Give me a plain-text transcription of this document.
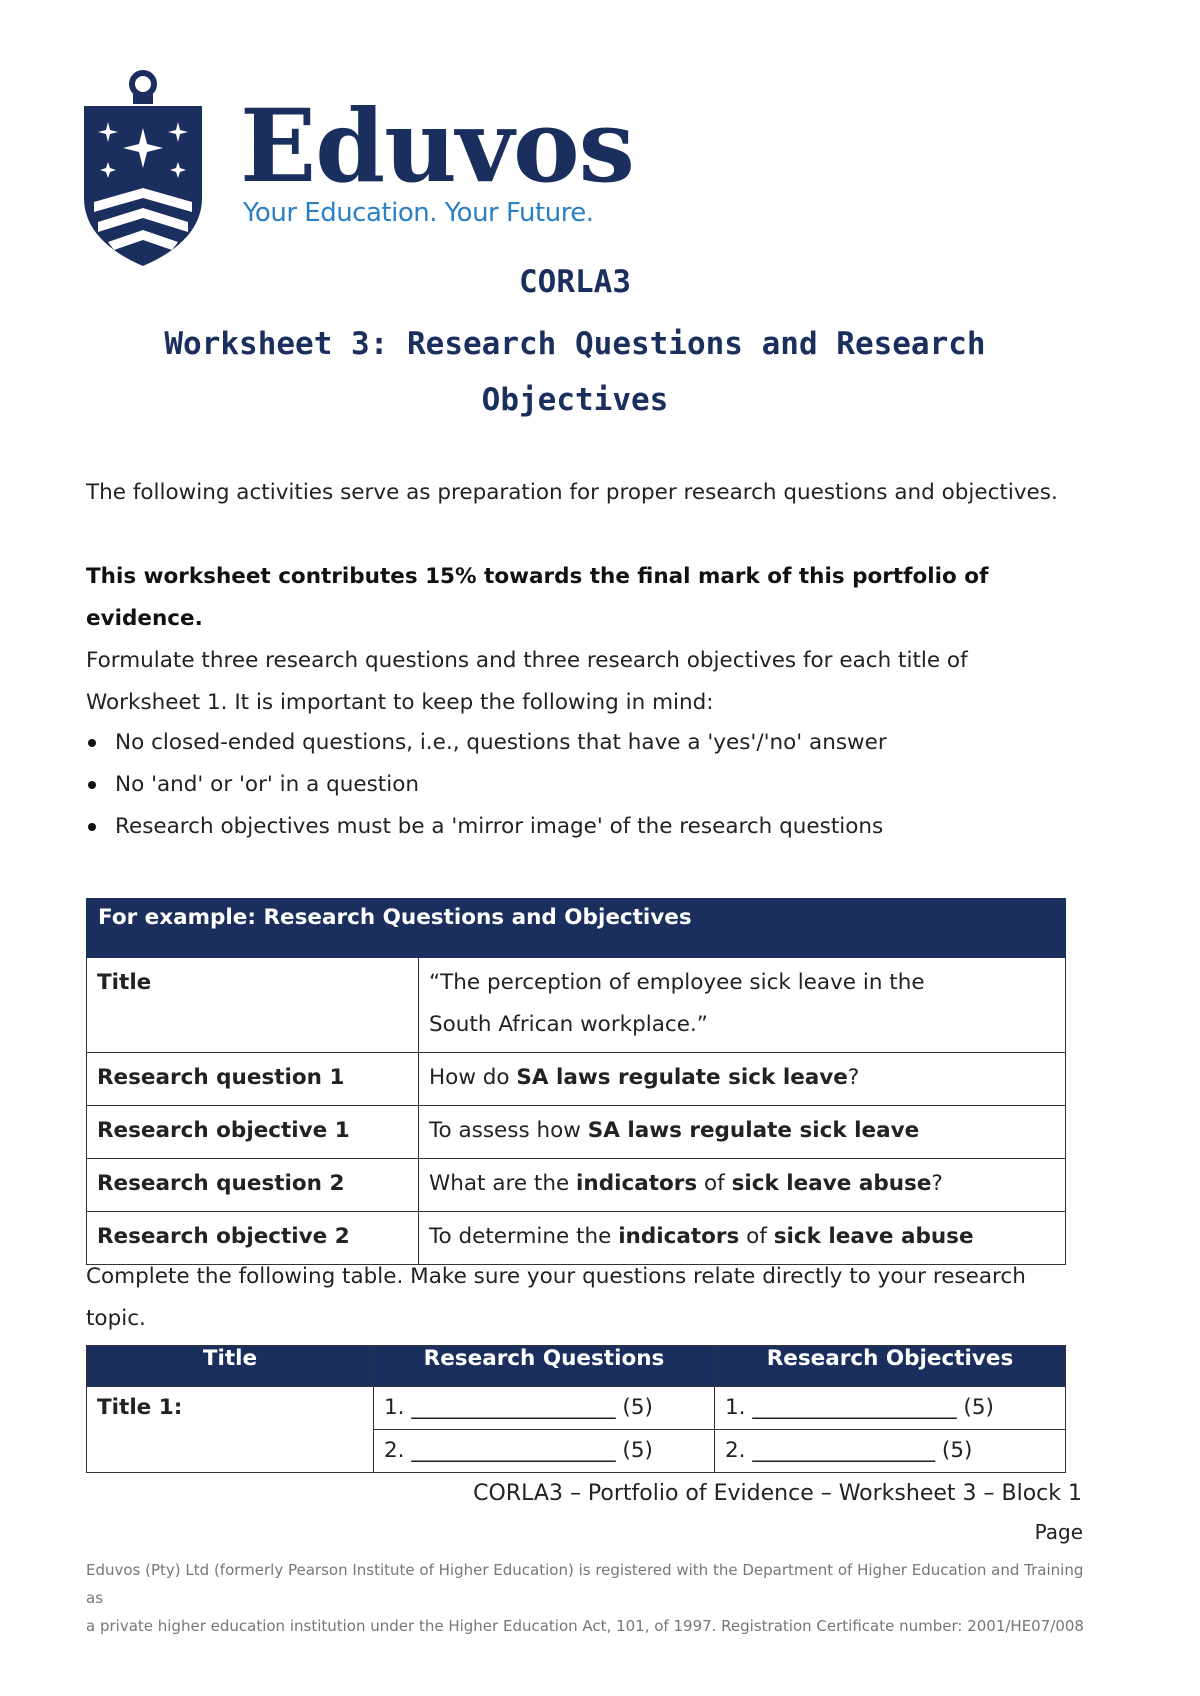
Eduvos
Your Education. Your Future.
CORLA3
Worksheet 3: Research Questions and Research
Objectives
The following activities serve as preparation for proper research questions and objectives.
This worksheet contributes 15% towards the final mark of this portfolio of evidence.
Formulate three research questions and three research objectives for each title of
Worksheet 1. It is important to keep the following in mind:
No closed-ended questions, i.e., questions that have a 'yes'/'no' answer
No 'and' or 'or' in a question
Research objectives must be a 'mirror image' of the research questions
For example: Research Questions and Objectives	
Title	“The perception of employee sick leave in the
South African workplace.”

Research question 1	How do SA laws regulate sick leave?
Research objective 1	To assess how SA laws regulate sick leave
Research question 2	What are the indicators of sick leave abuse?
Research objective 2	To determine the indicators of sick leave abuse
Complete the following table. Make sure your questions relate directly to your research
topic.
Title	Research Questions	Research Objectives
Title 1:	1. ___________________ (5)	1. ___________________ (5)
	2. ___________________ (5)	2. _________________ (5)
CORLA3 – Portfolio of Evidence – Worksheet 3 – Block 1
Page
Eduvos (Pty) Ltd (formerly Pearson Institute of Higher Education) is registered with the Department of Higher Education and Training as
a private higher education institution under the Higher Education Act, 101, of 1997. Registration Certificate number: 2001/HE07/008
